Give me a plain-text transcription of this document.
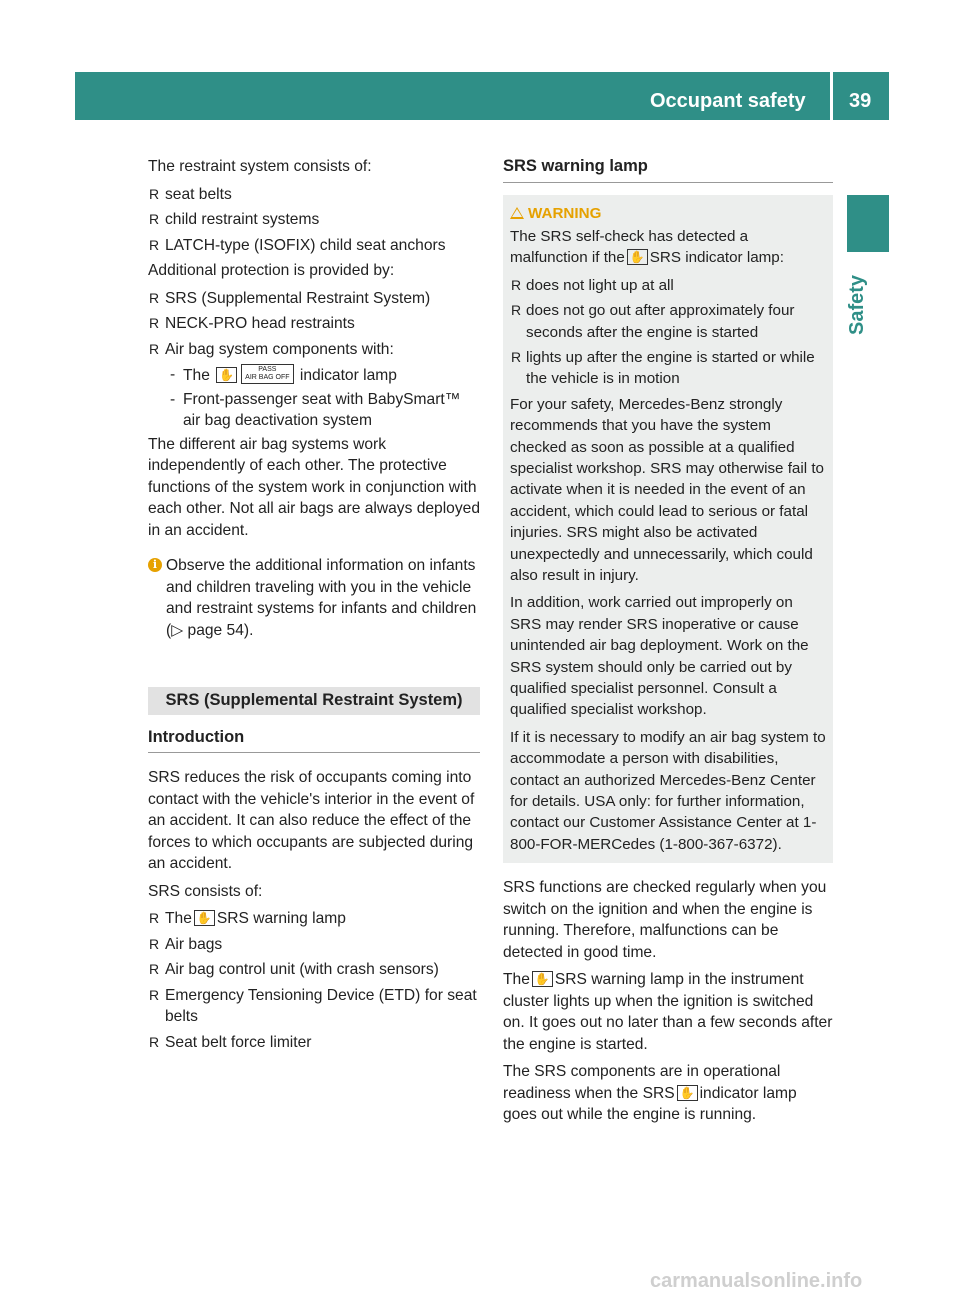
Occupant safety 39
Safety

The restraint system consists of:

R seat belts
R child restraint systems
R LATCH-type (ISOFIX) child seat anchors

Additional protection is provided by:

R SRS (Supplemental Restraint System)
R NECK-PRO head restraints
R Air bag system components with:
- The ✋	PASS
AIR BAG OFF indicator lamp
- Front-passenger seat with BabySmart™ air bag deactivation system

The different air bag systems work independently of each other. The protective functions of the system work in conjunction with each other. Not all air bags are always deployed in an accident.

i Observe the additional information on infants and children traveling with you in the vehicle and restraint systems for infants and children (▷ page 54).
SRS (Supplemental Restraint System)
Introduction

SRS reduces the risk of occupants coming into contact with the vehicle's interior in the event of an accident. It can also reduce the effect of the forces to which occupants are subjected during an accident.

SRS consists of:

R The ✋ SRS warning lamp
R Air bags
R Air bag control unit (with crash sensors)
R Emergency Tensioning Device (ETD) for seat belts
R Seat belt force limiter
SRS warning lamp
WARNING

The SRS self-check has detected a malfunction if the ✋ SRS indicator lamp:

R does not light up at all
R does not go out after approximately four seconds after the engine is started
R lights up after the engine is started or while the vehicle is in motion

For your safety, Mercedes-Benz strongly recommends that you have the system checked as soon as possible at a qualified specialist workshop. SRS may otherwise fail to activate when it is needed in the event of an accident, which could lead to serious or fatal injuries. SRS might also be activated unexpectedly and unnecessarily, which could also result in injury.

In addition, work carried out improperly on SRS may render SRS inoperative or cause unintended air bag deployment. Work on the SRS system should only be carried out by qualified specialist personnel. Consult a qualified specialist workshop.

If it is necessary to modify an air bag system to accommodate a person with disabilities, contact an authorized Mercedes-Benz Center for details. USA only: for further information, contact our Customer Assistance Center at 1-800-FOR-MERCedes (1-800-367-6372).

SRS functions are checked regularly when you switch on the ignition and when the engine is running. Therefore, malfunctions can be detected in good time.

The ✋ SRS warning lamp in the instrument cluster lights up when the ignition is switched on. It goes out no later than a few seconds after the engine is started.

The SRS components are in operational readiness when the SRS ✋ indicator lamp goes out while the engine is running.

carmanualsonline.info
